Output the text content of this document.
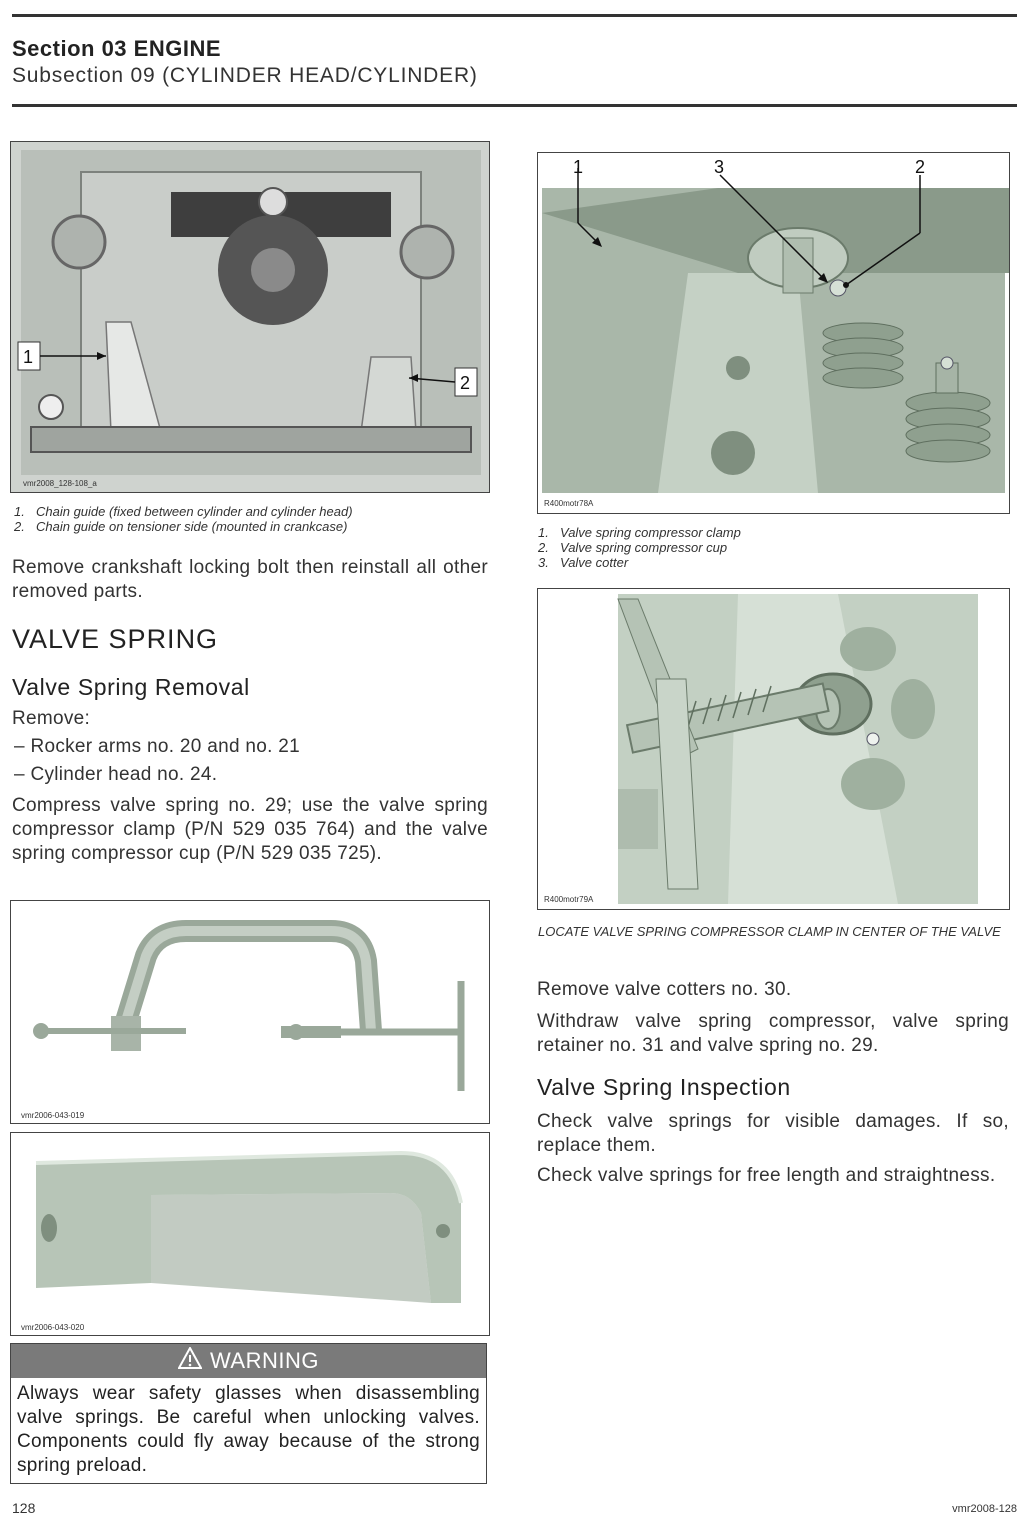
Section 03 ENGINE
Subsection 09 (CYLINDER HEAD/CYLINDER)
1
2
vmr2008_128-108_a
1. Chain guide (fixed between cylinder and cylinder head)
2. Chain guide on tensioner side (mounted in crankcase)
Remove crankshaft locking bolt then reinstall all other removed parts.
VALVE SPRING
Valve Spring Removal
Remove:
– Rocker arms no. 20 and no. 21
– Cylinder head no. 24.
Compress valve spring no. 29; use the valve spring compressor clamp (P/N 529 035 764) and the valve spring compressor cup (P/N 529 035 725).
vmr2006-043-019
vmr2006-043-020
WARNING
Always wear safety glasses when disassembling valve springs. Be careful when unlocking valves. Components could fly away because of the strong spring preload.
1	3	2
R400motr78A
1. Valve spring compressor clamp
2. Valve spring compressor cup
3. Valve cotter
R400motr79A
LOCATE VALVE SPRING COMPRESSOR CLAMP IN CENTER OF THE VALVE
Remove valve cotters no. 30.
Withdraw valve spring compressor, valve spring retainer no. 31 and valve spring no. 29.
Valve Spring Inspection
Check valve springs for visible damages. If so, replace them.
Check valve springs for free length and straightness.
128	vmr2008-128
